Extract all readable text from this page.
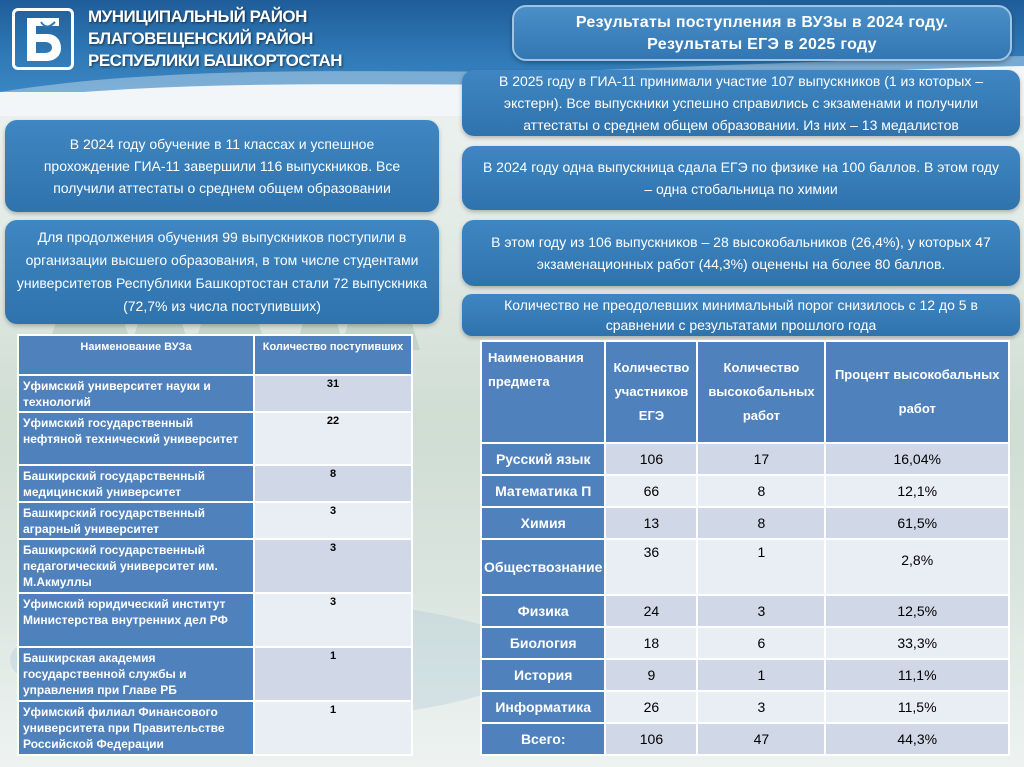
МУНИЦИПАЛЬНЫЙ РАЙОН
БЛАГОВЕЩЕНСКИЙ РАЙОН
РЕСПУБЛИКИ БАШКОРТОСТАН
Результаты поступления в ВУЗы в 2024 году.
Результаты ЕГЭ в 2025 году
В 2025 году в ГИА-11 принимали участие 107 выпускников (1 из которых – экстерн). Все выпускники успешно справились с экзаменами и получили аттестаты о среднем общем образовании. Из них – 13 медалистов
В 2024 году обучение в 11 классах и успешное прохождение ГИА-11 завершили 116 выпускников. Все получили аттестаты о среднем общем образовании
В 2024 году одна выпускница сдала ЕГЭ по физике на 100 баллов. В этом году – одна стобальница по химии
Для продолжения обучения 99 выпускников поступили в организации высшего образования, в том числе студентами университетов Республики Башкортостан стали 72 выпускника (72,7% из числа поступивших)
В этом году из 106 выпускников – 28 высокобальников (26,4%), у которых 47 экзаменационных работ (44,3%) оценены на более 80 баллов.
Количество не преодолевших минимальный порог снизилось с 12 до 5 в сравнении с результатами прошлого года
Наименование ВУЗа	Количество поступивших
Уфимский университет науки и технологий	31
Уфимский государственный нефтяной технический университет	22
Башкирский государственный медицинский университет	8
Башкирский государственный аграрный университет	3
Башкирский государственный педагогический университет им. М.Акмуллы	3
Уфимский юридический институт Министерства внутренних дел РФ	3
Башкирская академия государственной службы и управления при Главе РБ	1
Уфимский филиал Финансового университета при Правительстве Российской Федерации	1
Наименования предмета	Количество участников ЕГЭ	Количество высокобальных работ	Процент высокобальных работ
Русский язык	106	17	16,04%
Математика П	66	8	12,1%
Химия	13	8	61,5%
Обществознание	36	1	2,8%
Физика	24	3	12,5%
Биология	18	6	33,3%
История	9	1	11,1%
Информатика	26	3	11,5%
Всего:	106	47	44,3%
